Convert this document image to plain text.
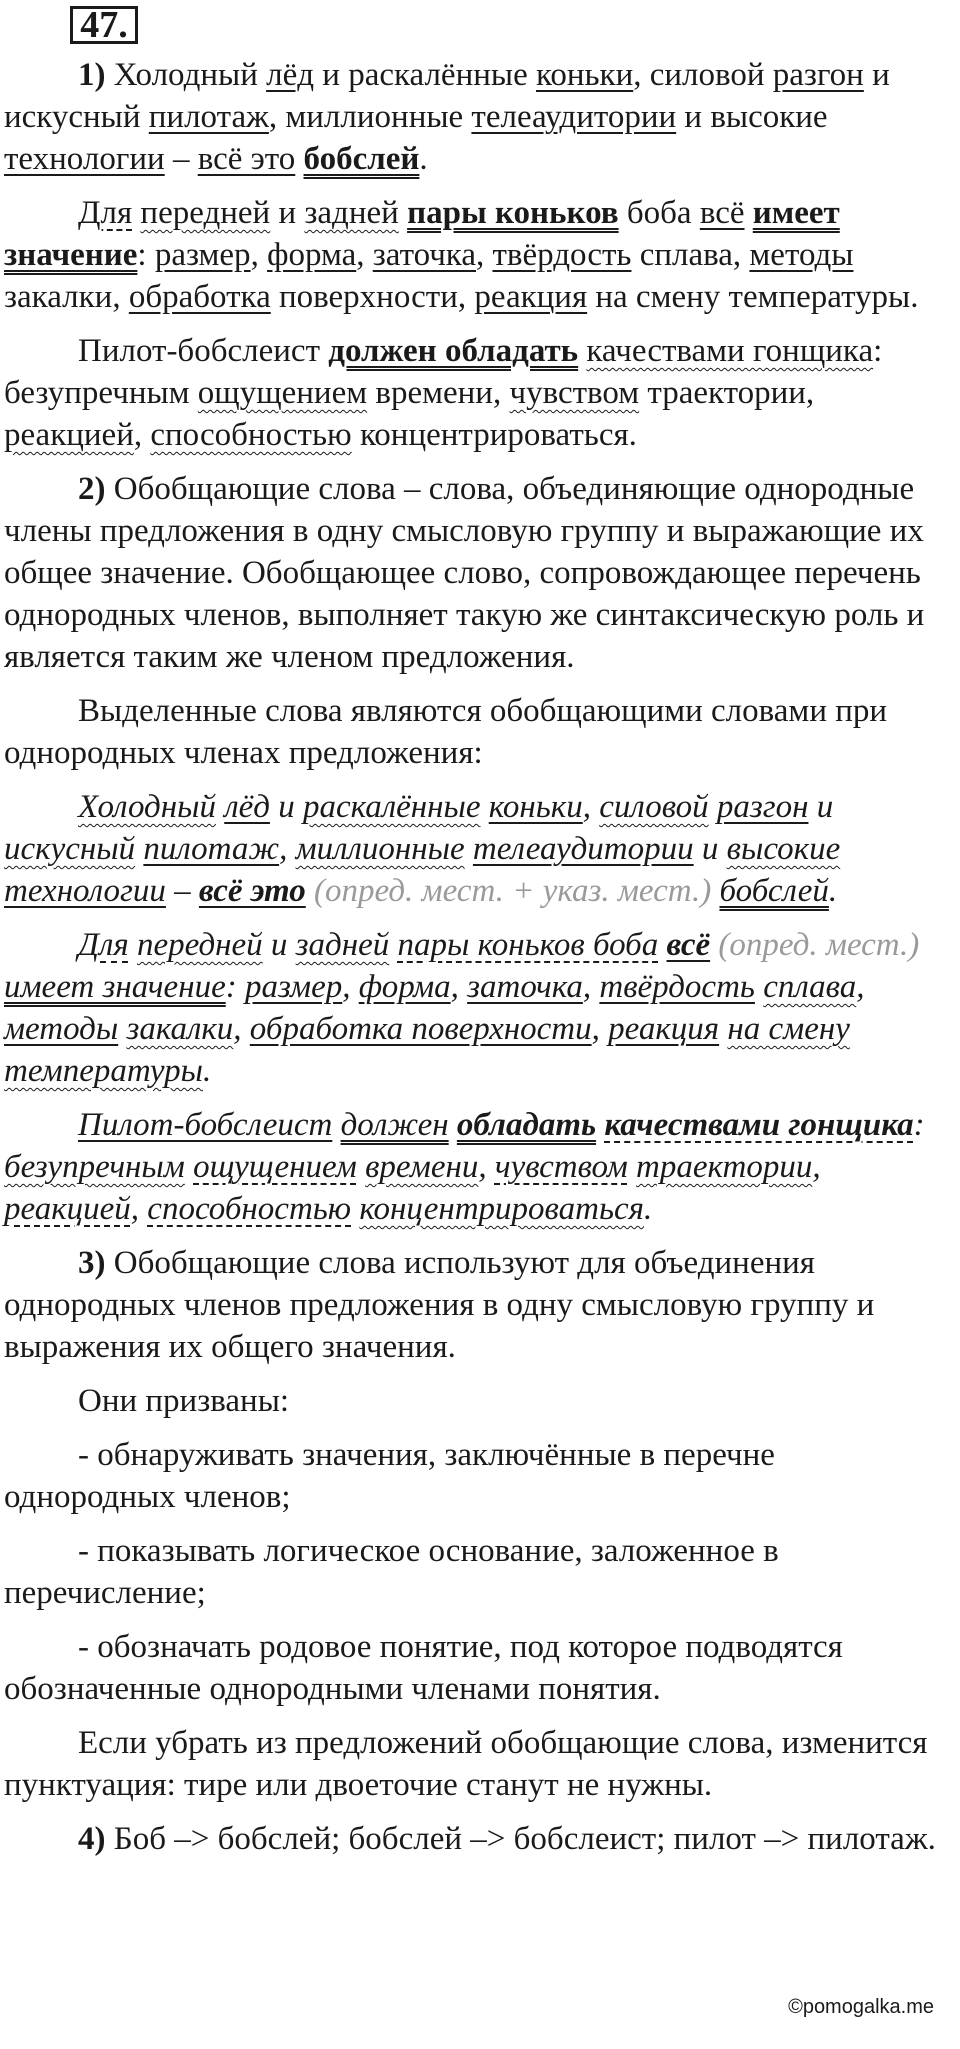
47.

1) Холодный лёд и раскалённые коньки, силовой разгон и искусный пилотаж, миллионные телеаудитории и высокие технологии – всё это бобслей.

Для передней и задней пары коньков боба всё имеет значение: размер, форма, заточка, твёрдость сплава, методы закалки, обработка поверхности, реакция на смену температуры.

Пилот-бобслеист должен обладать качествами гонщика: безупречным ощущением времени, чувством траектории, реакцией, способностью концентрироваться.

2) Обобщающие слова – слова, объединяющие однородные члены предложения в одну смысловую группу и выражающие их общее значение. Обобщающее слово, сопровождающее перечень однородных членов, выполняет такую же синтаксическую роль и является таким же членом предложения.

Выделенные слова являются обобщающими словами при однородных членах предложения:

Холодный лёд и раскалённые коньки, силовой разгон и искусный пилотаж, миллионные телеаудитории и высокие технологии – всё это (опред. мест. + указ. мест.) бобслей.

Для передней и задней пары коньков боба всё (опред. мест.) имеет значение: размер, форма, заточка, твёрдость сплава, методы закалки, обработка поверхности, реакция на смену температуры.

Пилот-бобслеист должен обладать качествами гонщика: безупречным ощущением времени, чувством траектории, реакцией, способностью концентрироваться.

3) Обобщающие слова используют для объединения однородных членов предложения в одну смысловую группу и выражения их общего значения.

Они призваны:

- обнаруживать значения, заключённые в перечне однородных членов;

- показывать логическое основание, заложенное в перечисление;

- обозначать родовое понятие, под которое подводятся обозначенные однородными членами понятия.

Если убрать из предложений обобщающие слова, изменится пунктуация: тире или двоеточие станут не нужны.

4) Боб –> бобслей; бобслей –> бобслеист; пилот –> пилотаж.

©pomogalka.me
